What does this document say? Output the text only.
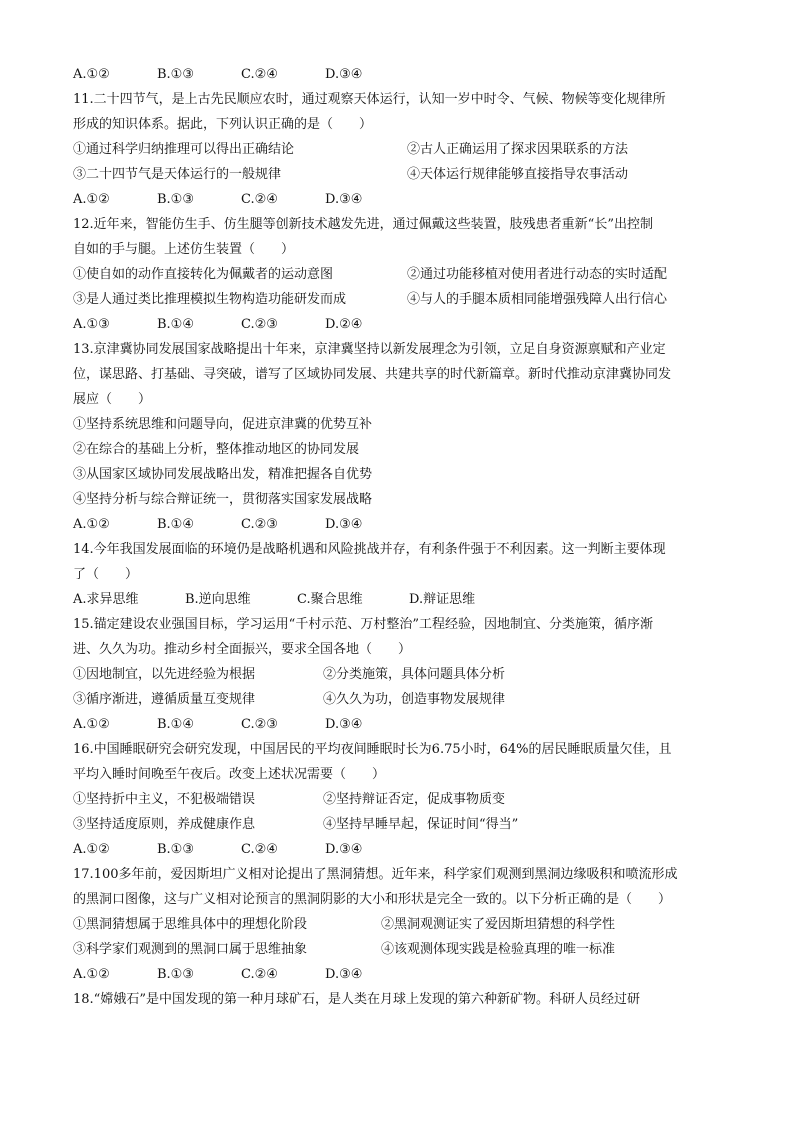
A.①②	B.①③	C.②④	D.③④
11.二十四节气，是上古先民顺应农时，通过观察天体运行，认知一岁中时令、气候、物候等变化规律所
形成的知识体系。据此，下列认识正确的是（　　）
①通过科学归纳推理可以得出正确结论	②古人正确运用了探求因果联系的方法
③二十四节气是天体运行的一般规律	④天体运行规律能够直接指导农事活动
A.①②	B.①③	C.②④	D.③④
12.近年来，智能仿生手、仿生腿等创新技术越发先进，通过佩戴这些装置，肢残患者重新“长”出控制
自如的手与腿。上述仿生装置（　　）
①使自如的动作直接转化为佩戴者的运动意图	②通过功能移植对使用者进行动态的实时适配
③是人通过类比推理模拟生物构造功能研发而成	④与人的手腿本质相同能增强残障人出行信心
A.①③	B.①④	C.②③	D.②④
13.京津冀协同发展国家战略提出十年来，京津冀坚持以新发展理念为引领，立足自身资源禀赋和产业定
位，谋思路、打基础、寻突破，谱写了区域协同发展、共建共享的时代新篇章。新时代推动京津冀协同发
展应（　　）
①坚持系统思维和问题导向，促进京津冀的优势互补
②在综合的基础上分析，整体推动地区的协同发展
③从国家区域协同发展战略出发，精准把握各自优势
④坚持分析与综合辩证统一，贯彻落实国家发展战略
A.①②	B.①④	C.②③	D.③④
14.今年我国发展面临的环境仍是战略机遇和风险挑战并存，有利条件强于不利因素。这一判断主要体现
了（　　）
A.求异思维	B.逆向思维	C.聚合思维	D.辩证思维
15.锚定建设农业强国目标，学习运用“千村示范、万村整治”工程经验，因地制宜、分类施策，循序渐
进、久久为功。推动乡村全面振兴，要求全国各地（　　）
①因地制宜，以先进经验为根据	②分类施策，具体问题具体分析
③循序渐进，遵循质量互变规律	④久久为功，创造事物发展规律
A.①②	B.①④	C.②③	D.③④
16.中国睡眠研究会研究发现，中国居民的平均夜间睡眠时长为6.75小时，64%的居民睡眠质量欠佳，且
平均入睡时间晚至午夜后。改变上述状况需要（　　）
①坚持折中主义，不犯极端错误	②坚持辩证否定，促成事物质变
③坚持适度原则，养成健康作息	④坚持早睡早起，保证时间“得当”
A.①②	B.①③	C.②④	D.③④
17.100多年前，爱因斯坦广义相对论提出了黑洞猜想。近年来，科学家们观测到黑洞边缘吸积和喷流形成
的黑洞口图像，这与广义相对论预言的黑洞阴影的大小和形状是完全一致的。以下分析正确的是（　　）
①黑洞猜想属于思维具体中的理想化阶段	②黑洞观测证实了爱因斯坦猜想的科学性
③科学家们观测到的黑洞口属于思维抽象	④该观测体现实践是检验真理的唯一标准
A.①②	B.①③	C.②④	D.③④
18.“嫦娥石”是中国发现的第一种月球矿石，是人类在月球上发现的第六种新矿物。科研人员经过研
